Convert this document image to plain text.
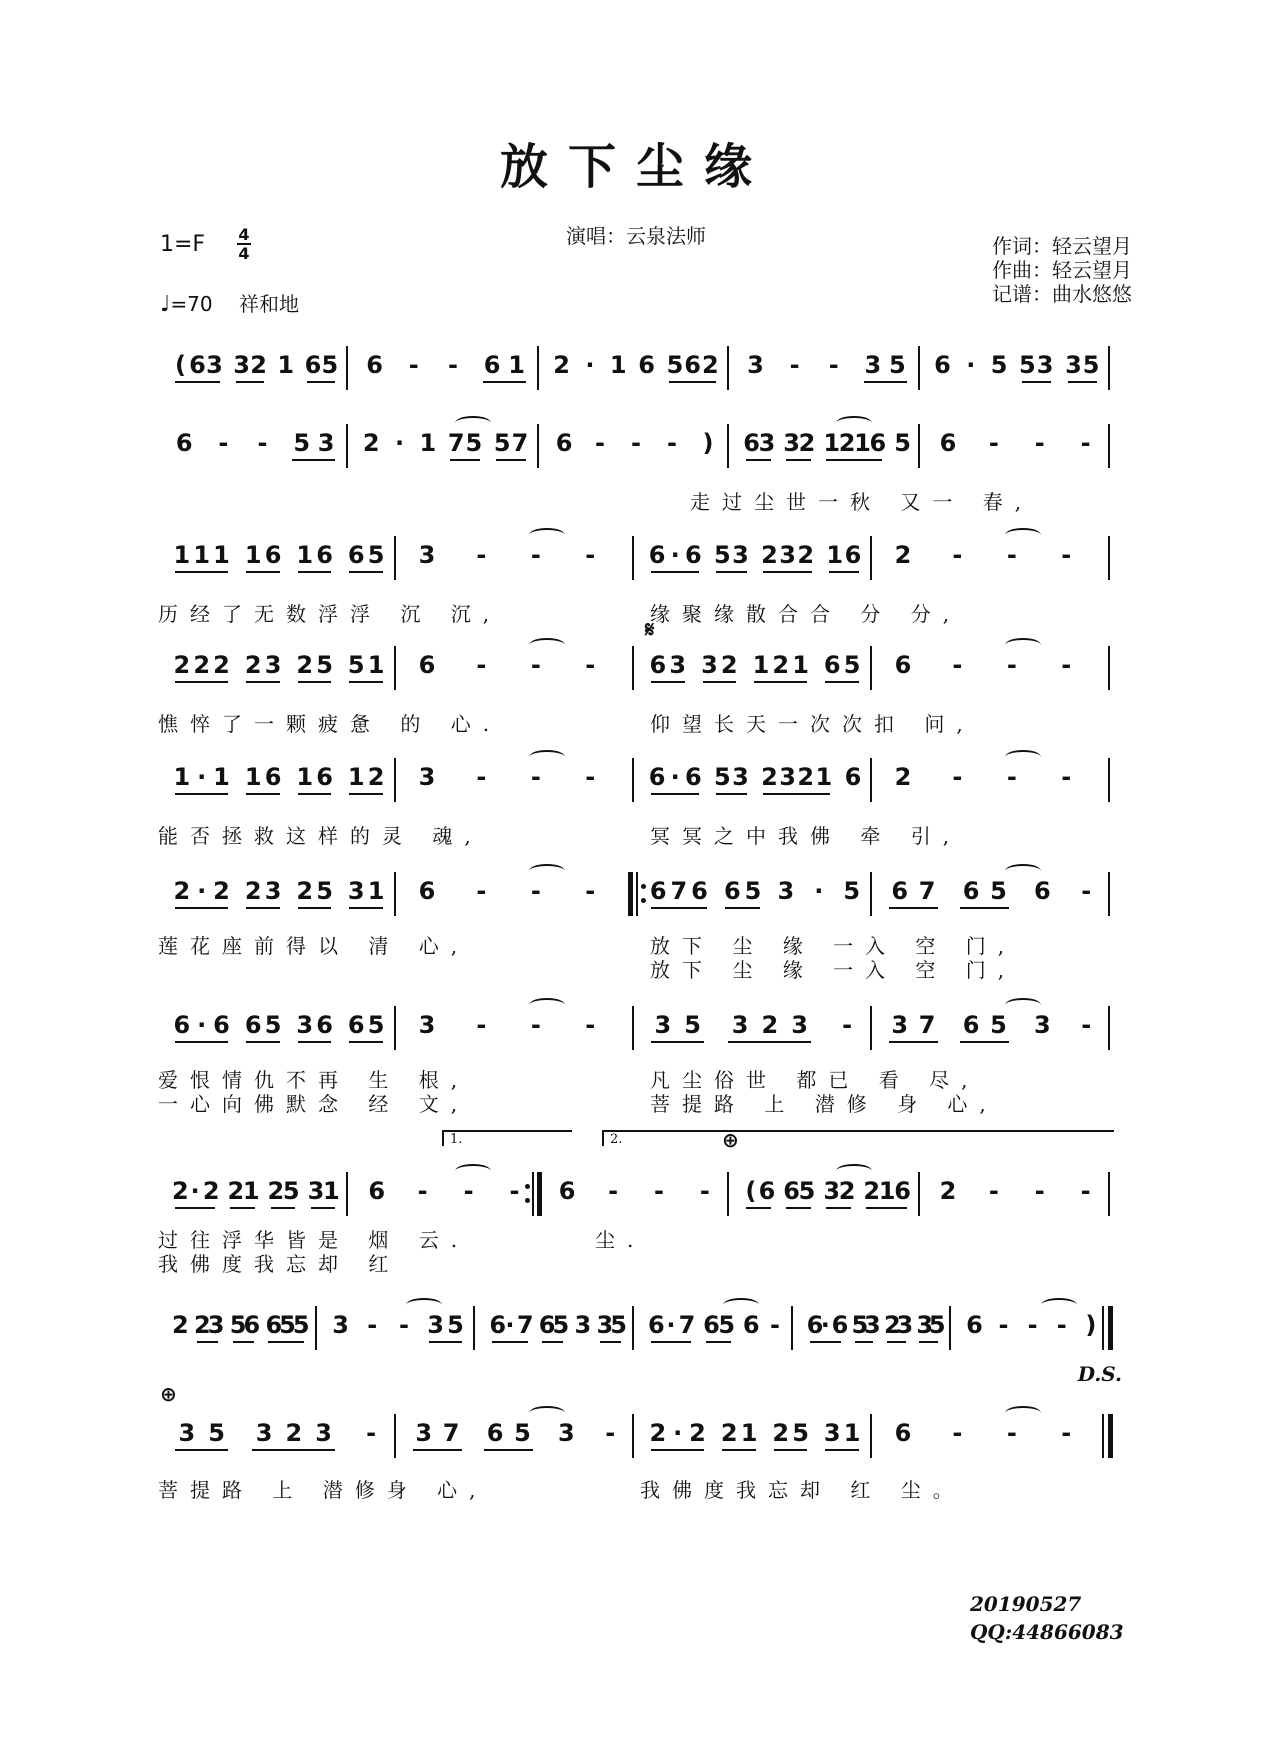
放下尘缘
1=F 4
4
♩=70 祥和地
演唱：云泉法师	作词：轻云望月
作曲：轻云望月
记谱：曲水悠悠
( 6 3 3 2 1 6 5 6	-	-	6 1 2 · 1 6 5 6 2 3	-	-	3 5 6 · 5 5 3 3 5
6	-	-	5 3 2 · 1 7 5 5 7 6 - - - ) 6
3 3
2 1
2
1
6 5 6	-	-	-
走过尘世一秋 又一 春,
1 1 1 1 6 1 6 6 5	3	-	-	-	6 · 6 5 3 2 3 2 1 6	2	-	-	-
历经了无数浮浮 沉 沉,	缘聚缘散合合 分 分,
2 2 2 2 3 2 5 5 1	6	-	-	-	6 3 3 2 1 2 1 6 5	6	-	-	-
憔悴了一颗疲惫 的 心.	仰望长天一次次扣 问,
1 · 1 1 6 1 6 1 2	3	-	-	-	6 · 6 5 3 2 3 2 1 6	2	-	-	-
能否拯救这样的灵 魂,	冥冥之中我佛 牵 引,
2 · 2 2 3 2 5 3 1	6	-	-	-	6 7 6 6 5 3 · 5 6 7 6 5 6	-
莲花座前得以 清 心,	放下 尘 缘 一入 空 门,
放下 尘 缘 一入 空 门,
6 · 6 6 5 3 6 6 5	3	-	-	-	3 5 3 2 3	-	3 7 6 5 3	-
爱恨情仇不再 生 根,	凡尘俗世 都已 看 尽,
一心向佛默念 经 文,	菩提路 上 潜修 身 心,
2 · 2 2
1 2
5 3
1 6	-	-	-	6	-	-	-	( 6 6
5 3
2 2
1
6 2	-	-	-
过往浮华皆是 烟 云.	尘.
我佛度我忘却 红
2 2
3 5
6 6
5
5 3 - - 3 5 6 · 7 6
5 3 3
5 6 · 7 6
5 6 - 6
· 6 5
3 2
3 3
5 6 - - - )
3 5 3 2 3	-	3 7 6 5 3	-	2 · 2 2 1 2 5 3 1	6	-	-	-
菩提路 上 潜修身 心,	我佛度我忘却 红 尘。
𝄋
⊕
⊕
1.	2.
D.S.
20190527
QQ:44866083
